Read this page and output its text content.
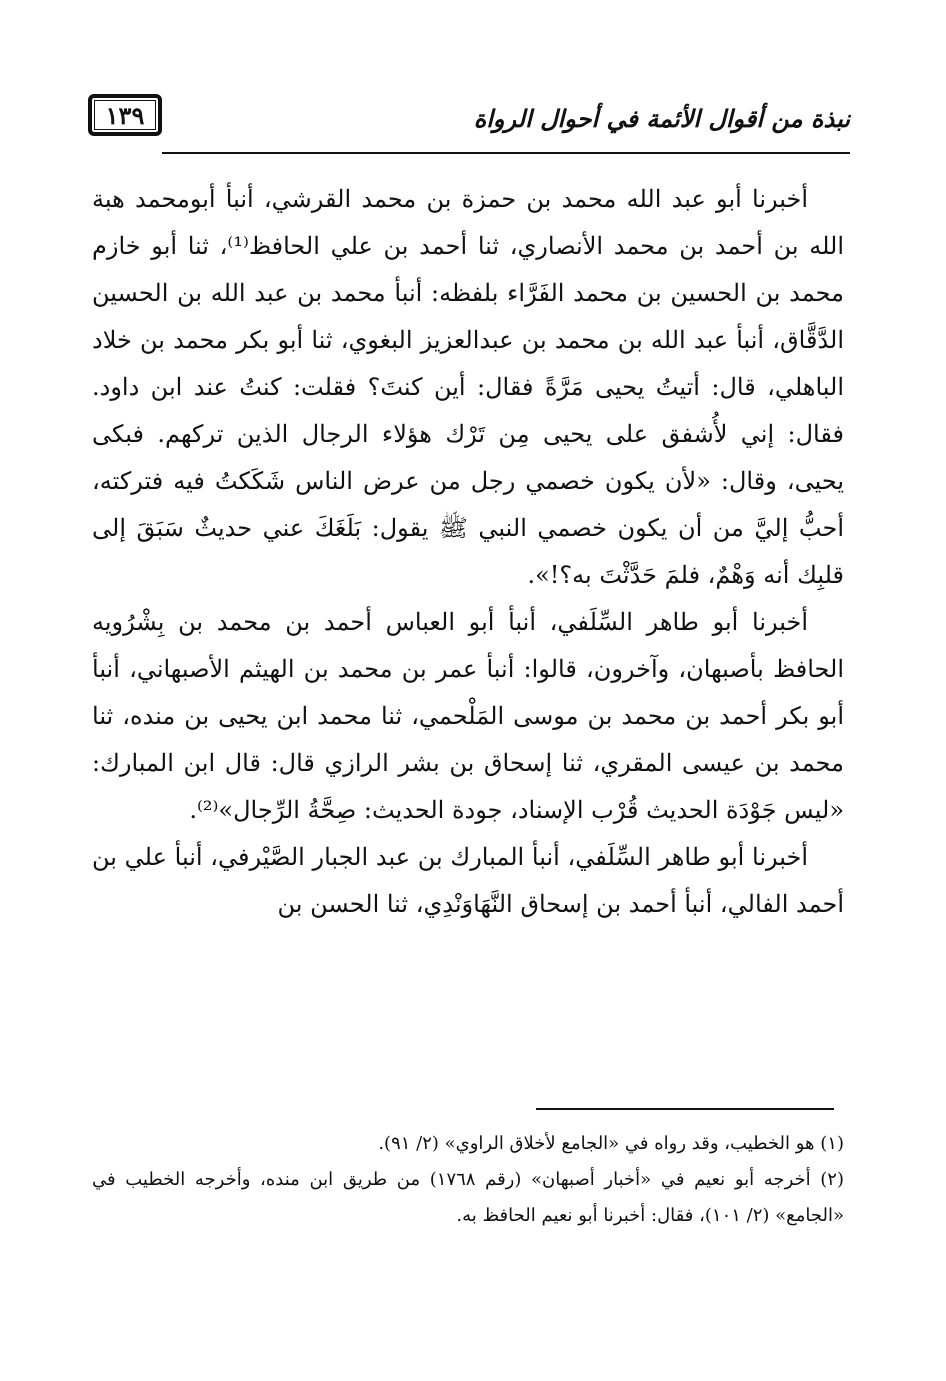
١٣٩	نبذة من أقوال الأئمة في أحوال الرواة

أخبرنا أبو عبد الله محمد بن حمزة بن محمد القرشي، أنبأ أبومحمد هبة الله بن أحمد بن محمد الأنصاري، ثنا أحمد بن علي الحافظ⁽¹⁾، ثنا أبو خازم محمد بن الحسين بن محمد الفَرَّاء بلفظه: أنبأ محمد بن عبد الله بن الحسين الدَّقَّاق، أنبأ عبد الله بن محمد بن عبدالعزيز البغوي، ثنا أبو بكر محمد بن خلاد الباهلي، قال: أتيتُ يحيى مَرَّةً فقال: أين كنتَ؟ فقلت: كنتُ عند ابن داود. فقال: إني لأُشفق على يحيى مِن تَرْك هؤلاء الرجال الذين تركهم. فبكى يحيى، وقال: «لأن يكون خصمي رجل من عرض الناس شَكَكتُ فيه فتركته، أحبُّ إليَّ من أن يكون خصمي النبي ﷺ يقول: بَلَغَكَ عني حديثٌ سَبَقَ إلى قلبِك أنه وَهْمٌ، فلمَ حَدَّثْتَ به؟!».

أخبرنا أبو طاهر السِّلَفي، أنبأ أبو العباس أحمد بن محمد بن بِشْرُويه الحافظ بأصبهان، وآخرون، قالوا: أنبأ عمر بن محمد بن الهيثم الأصبهاني، أنبأ أبو بكر أحمد بن محمد بن موسى المَلْحمي، ثنا محمد ابن يحيى بن منده، ثنا محمد بن عيسى المقري، ثنا إسحاق بن بشر الرازي قال: قال ابن المبارك: «ليس جَوْدَة الحديث قُرْب الإسناد، جودة الحديث: صِحَّةُ الرِّجال»⁽²⁾.

أخبرنا أبو طاهر السِّلَفي، أنبأ المبارك بن عبد الجبار الصَّيْرفي، أنبأ علي بن أحمد الفالي، أنبأ أحمد بن إسحاق النَّهَاوَنْدِي، ثنا الحسن بن

(١) هو الخطيب، وقد رواه في «الجامع لأخلاق الراوي» (٢/ ٩١).

(٢) أخرجه أبو نعيم في «أخبار أصبهان» (رقم ١٧٦٨) من طريق ابن منده، وأخرجه الخطيب في «الجامع» (٢/ ١٠١)، فقال: أخبرنا أبو نعيم الحافظ به.
